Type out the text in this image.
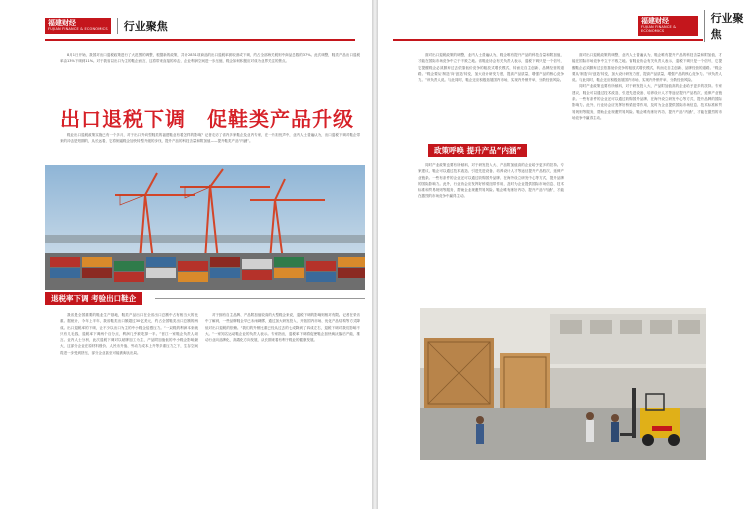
福建财经
FUJIAN FINANCE & ECONOMICS	行业聚焦

8月1日开始，我国对出口退税政策进行了大范围的调整，根据新的政策，共计2831项商品的出口退税率被取消或下调，约占全部海关税则中商品总数的37%。此次调整，鞋类产品出口退税率由13%下调到11%。对于我省以出口为主的鞋企而言，这将带来直接的冲击，企业利润空间进一步压缩，鞋企如何积极应对成为业界关注的焦点。

出口退税下调　促鞋类产品升级

鞋业出口退税政策实施已有一个多月，对于出口外向型鞋类的福建鞋业有着怎样的影响？记者走访了省内多家鞋企及业内专家，在一片担忧声中，业内人士普遍认为，出口退税下调对鞋企带来的冲击是短期的，从长远看，它将倒逼鞋企加快转型升级的步伐，提升产品的科技含量和附加值——提升鞋类产品“内涵”。

退税率下调 考验出口鞋企

我省是全国重要的鞋业生产基地，鞋类产品出口在全省出口总额中占有相当大的比重。据统计，今年上半年，我省鞋类出口额超过30亿美元，约占全国鞋类出口总额的两成。出口退税率的下调，让不少以出口为主的中小鞋企倍感压力。“一双鞋的利润本来就只有几毛钱，退税率下调两个百分点，利润几乎被吃掉一半。”晋江一家鞋企负责人坦言。业内人士分析，此次退税下调对以贴牌加工为主、产品附加值低的中小鞋企影响最大，这部分企业在原材料涨价、人民币升值、劳动力成本上升等多重压力之下，生存空间将进一步受到挤压，部分企业甚至可能被淘汰出局。

对于拥有自主品牌、产品附加值较高的大型鞋企来说，退税下调的影响则相对有限。记者在采访中了解到，一些品牌鞋企早已未雨绸缪，通过加大研发投入、开拓国内市场、优化产品结构等方式降低对出口退税的依赖。“我们的外销比重已经从过去的七成降到了四成左右，退税下调对我们影响不大。”一家知名运动鞋企业的负责人表示。专家指出，退税率下调将促使鞋企加快淘汰落后产能，推动行业向品牌化、高端化方向发展，从长期来看有利于鞋业的健康发展。

福建财经
FUJIAN FINANCE & ECONOMICS
行业聚焦

面对出口退税政策的调整，业内人士普遍认为，鞋企唯有提升产品的科技含量和附加值，才能在国际市场竞争中立于不败之地。省鞋业协会有关负责人表示，退税下调只是一个信号，它提醒鞋企必须摒弃过去依靠低价竞争的粗放式增长模式，转而走自主创新、品牌经营的道路。“鞋企要从‘制造’向‘创造’转变，加大设计研发力度，提高产品质量，增强产品的核心竞争力。”该负责人说。与此同时，鞋企还应积极拓展国内市场，实现内外销并举，分散经营风险。

政策呼唤 提升产品“内涵”

同时产业政策也要有所倾斜，对于研发投入大、产品附加值高的企业给予更多的扶持。专家建议，鞋企可以通过技术改造、引进先进设备、培养设计人才等途径提升产品档次，延伸产业链条。一些有条件的企业还可以通过收购国外品牌、在海外设立研发中心等方式，提升品牌的国际影响力。此外，行业协会应发挥好桥梁纽带作用，及时为企业提供国际市场信息、技术标准和贸易规则等服务，帮助企业规避贸易风险。鞋企唯有练好内功、提升产品“内涵”，才能在激烈的市场竞争中赢得主动。

面对出口退税政策的调整，业内人士普遍认为，鞋企唯有提升产品的科技含量和附加值，才能在国际市场竞争中立于不败之地。省鞋业协会有关负责人表示，退税下调只是一个信号，它提醒鞋企必须摒弃过去依靠低价竞争的粗放式增长模式，转而走自主创新、品牌经营的道路。“鞋企要从‘制造’向‘创造’转变，加大设计研发力度，提高产品质量，增强产品的核心竞争力。”该负责人说。与此同时，鞋企还应积极拓展国内市场，实现内外销并举，分散经营风险。

同时产业政策也要有所倾斜，对于研发投入大、产品附加值高的企业给予更多的扶持。专家建议，鞋企可以通过技术改造、引进先进设备、培养设计人才等途径提升产品档次，延伸产业链条。一些有条件的企业还可以通过收购国外品牌、在海外设立研发中心等方式，提升品牌的国际影响力。此外，行业协会应发挥好桥梁纽带作用，及时为企业提供国际市场信息、技术标准和贸易规则等服务，帮助企业规避贸易风险。鞋企唯有练好内功、提升产品“内涵”，才能在激烈的市场竞争中赢得主动。
